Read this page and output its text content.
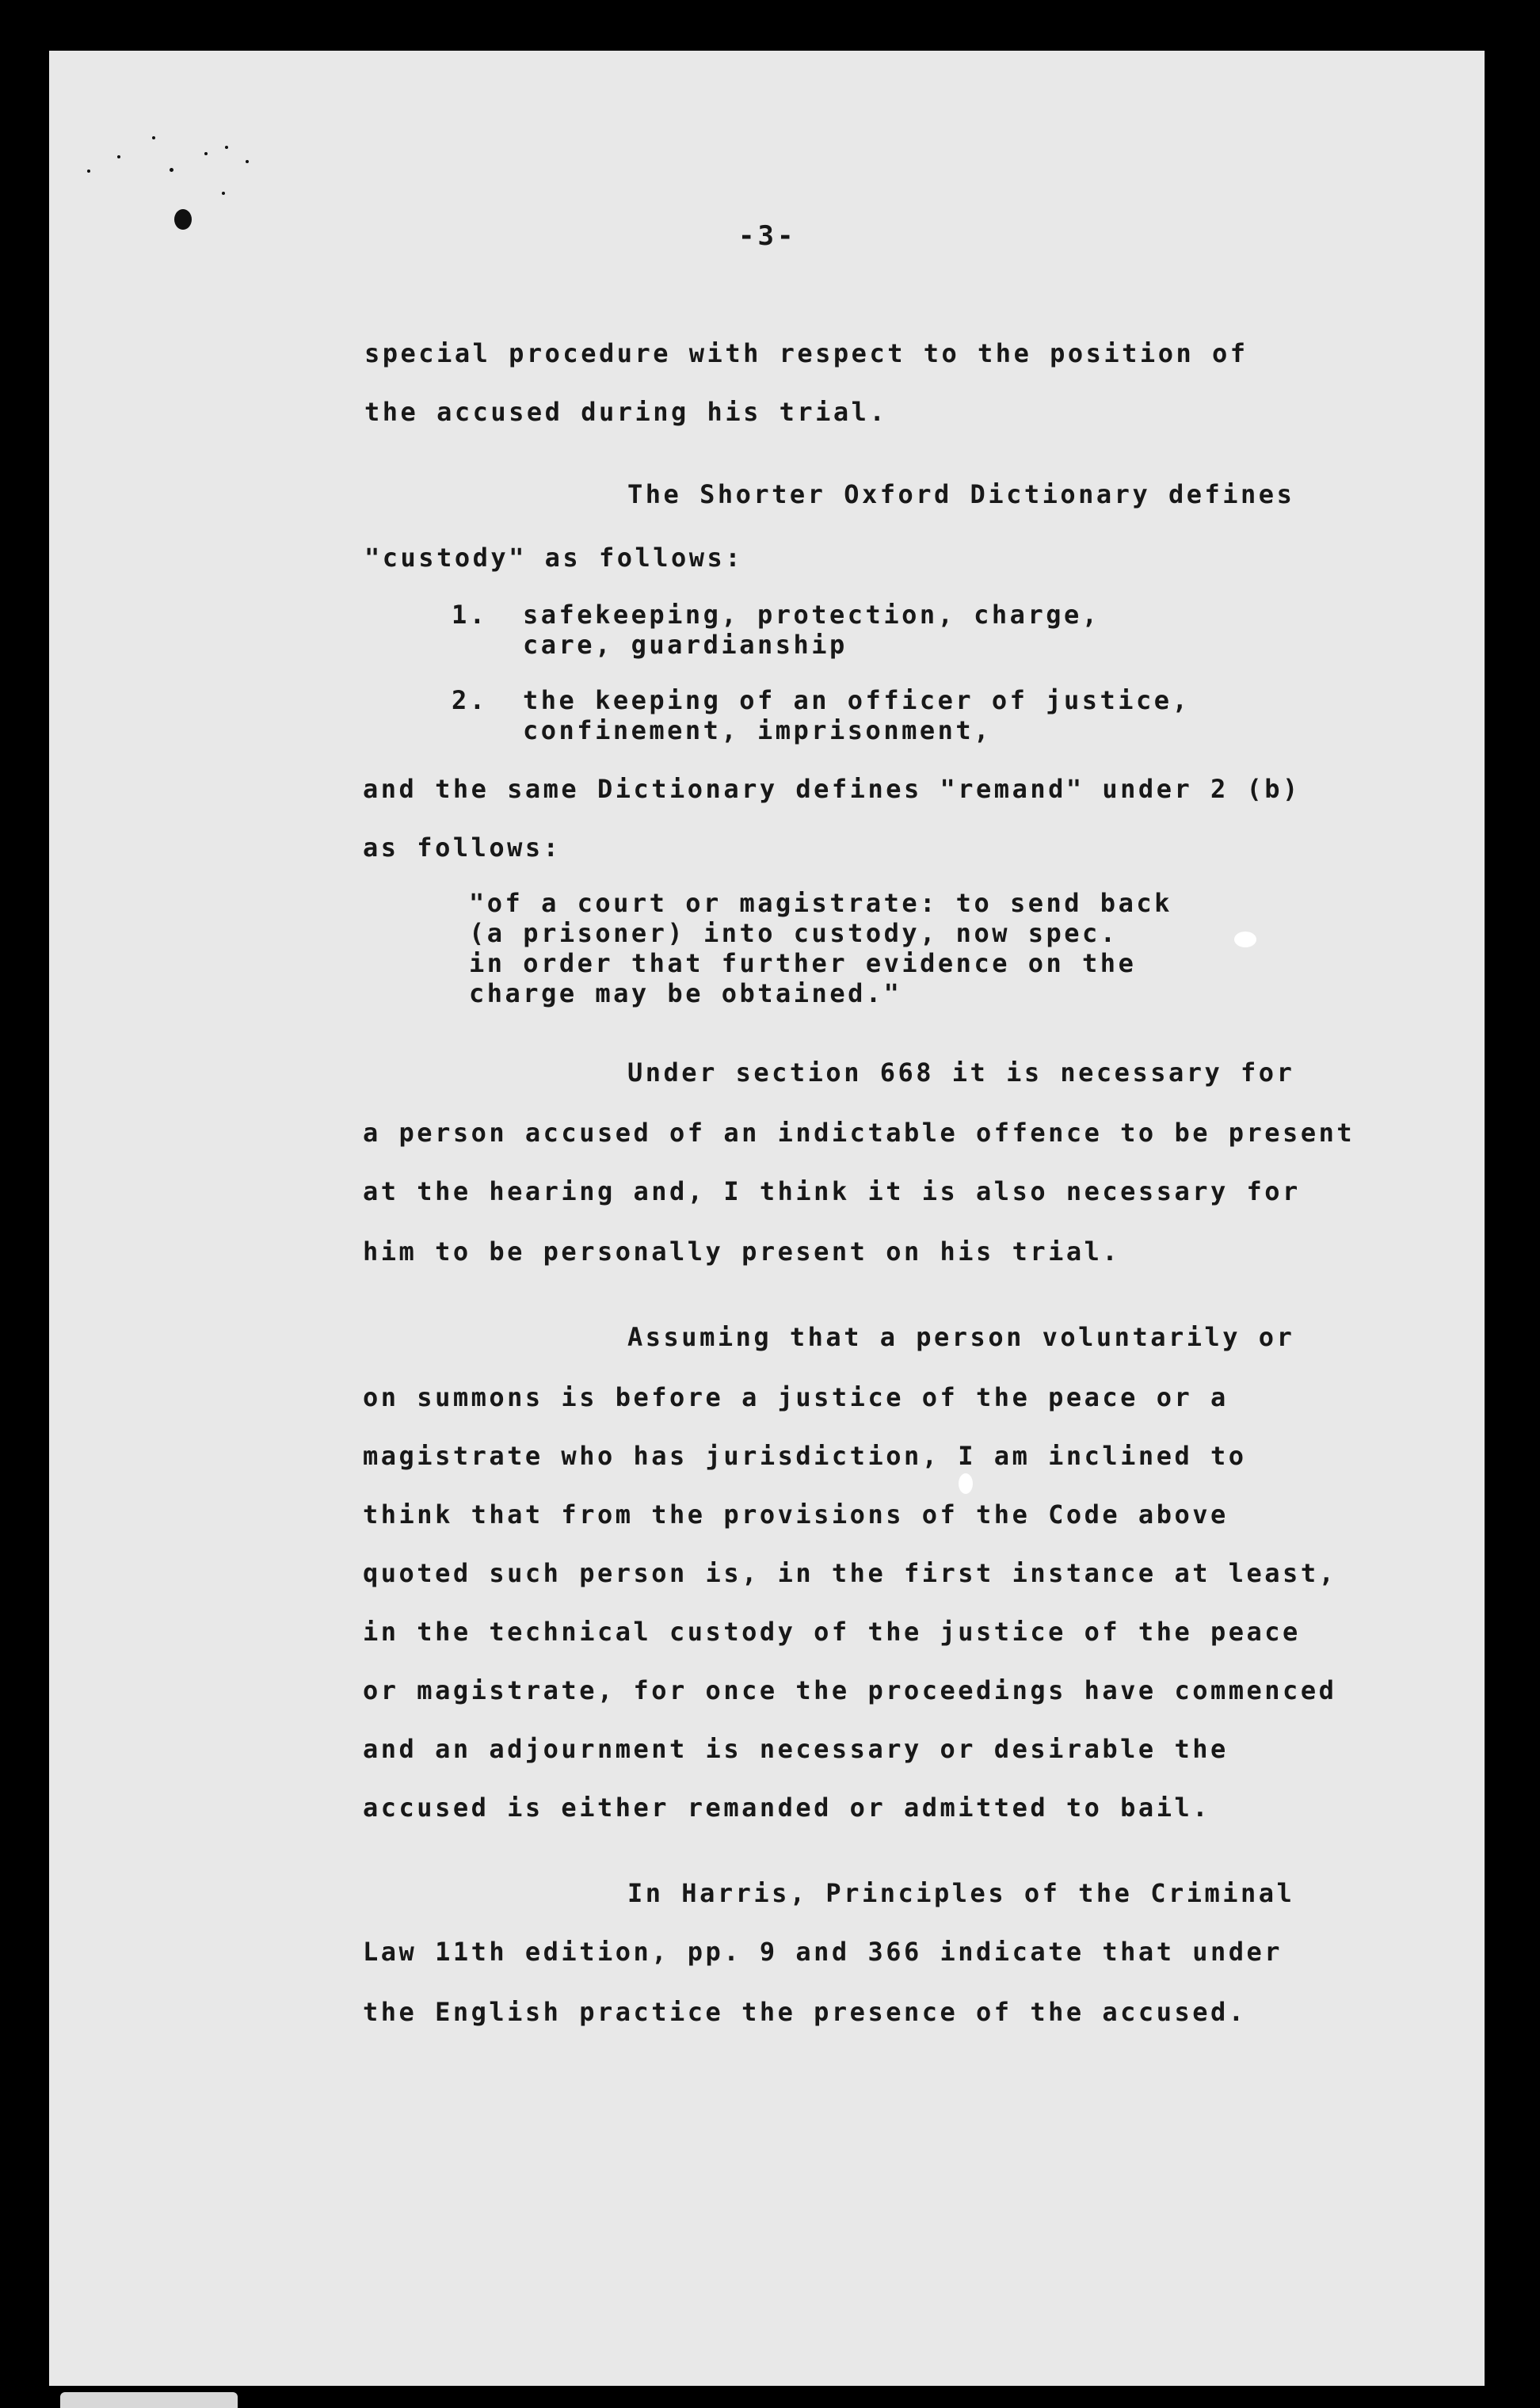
-3-
special procedure with respect to the position of
the accused during his trial.
The Shorter Oxford Dictionary defines
"custody" as follows:
1. safekeeping, protection, charge,
care, guardianship
2. the keeping of an officer of justice,
confinement, imprisonment,
and the same Dictionary defines "remand" under 2 (b)
as follows:
"of a court or magistrate: to send back
(a prisoner) into custody, now spec.
in order that further evidence on the
charge may be obtained."
Under section 668 it is necessary for
a person accused of an indictable offence to be present
at the hearing and, I think it is also necessary for
him to be personally present on his trial.
Assuming that a person voluntarily or
on summons is before a justice of the peace or a
magistrate who has jurisdiction, I am inclined to
think that from the provisions of the Code above
quoted such person is, in the first instance at least,
in the technical custody of the justice of the peace
or magistrate, for once the proceedings have commenced
and an adjournment is necessary or desirable the
accused is either remanded or admitted to bail.
In Harris, Principles of the Criminal
Law 11th edition, pp. 9 and 366 indicate that under
the English practice the presence of the accused.
